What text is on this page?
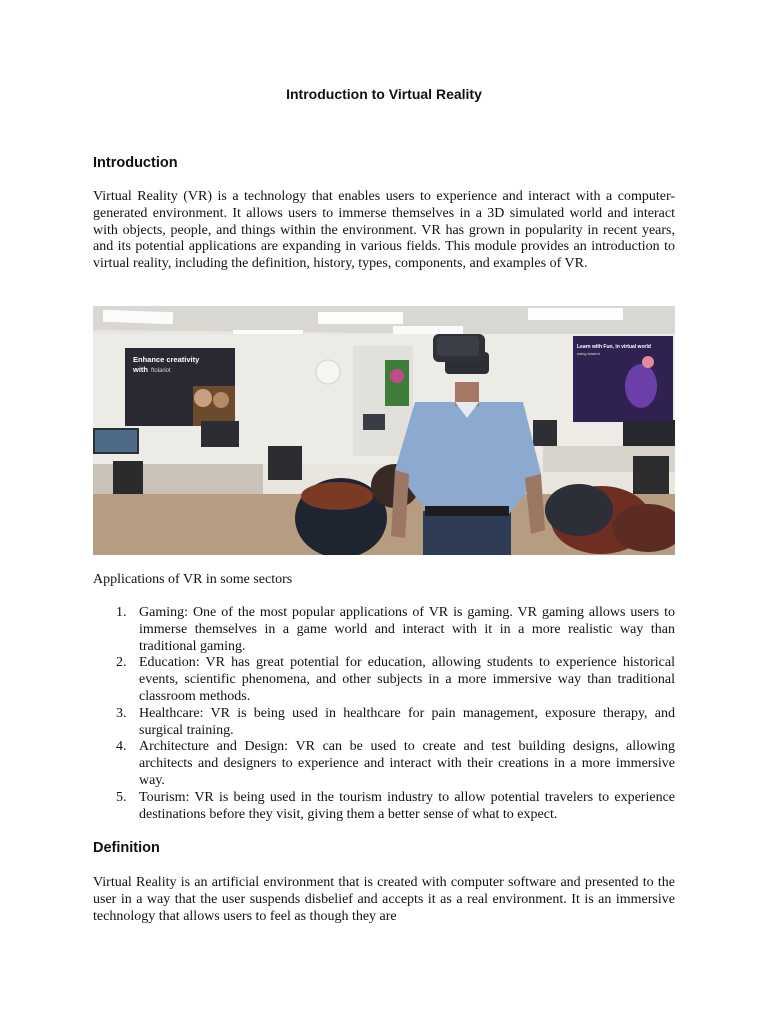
Introduction to Virtual Reality
Introduction

Virtual Reality (VR) is a technology that enables users to experience and interact with a computer-generated environment. It allows users to immerse themselves in a 3D simulated world and interact with objects, people, and things within the environment. VR has grown in popularity in recent years, and its potential applications are expanding in various fields. This module provides an introduction to virtual reality, including the definition, history, types, components, and examples of VR.

Enhance creativity
with ftolariot
Learn with Fun, in virtual world
using tolariot
Applications of VR in some sectors
1. Gaming: One of the most popular applications of VR is gaming. VR gaming allows users to immerse themselves in a game world and interact with it in a more realistic way than traditional gaming.
2. Education: VR has great potential for education, allowing students to experience historical events, scientific phenomena, and other subjects in a more immersive way than traditional classroom methods.
3. Healthcare: VR is being used in healthcare for pain management, exposure therapy, and surgical training.
4. Architecture and Design: VR can be used to create and test building designs, allowing architects and designers to experience and interact with their creations in a more immersive way.
5. Tourism: VR is being used in the tourism industry to allow potential travelers to experience destinations before they visit, giving them a better sense of what to expect.
Definition

Virtual Reality is an artificial environment that is created with computer software and presented to the user in a way that the user suspends disbelief and accepts it as a real environment. It is an immersive technology that allows users to feel as though they are
